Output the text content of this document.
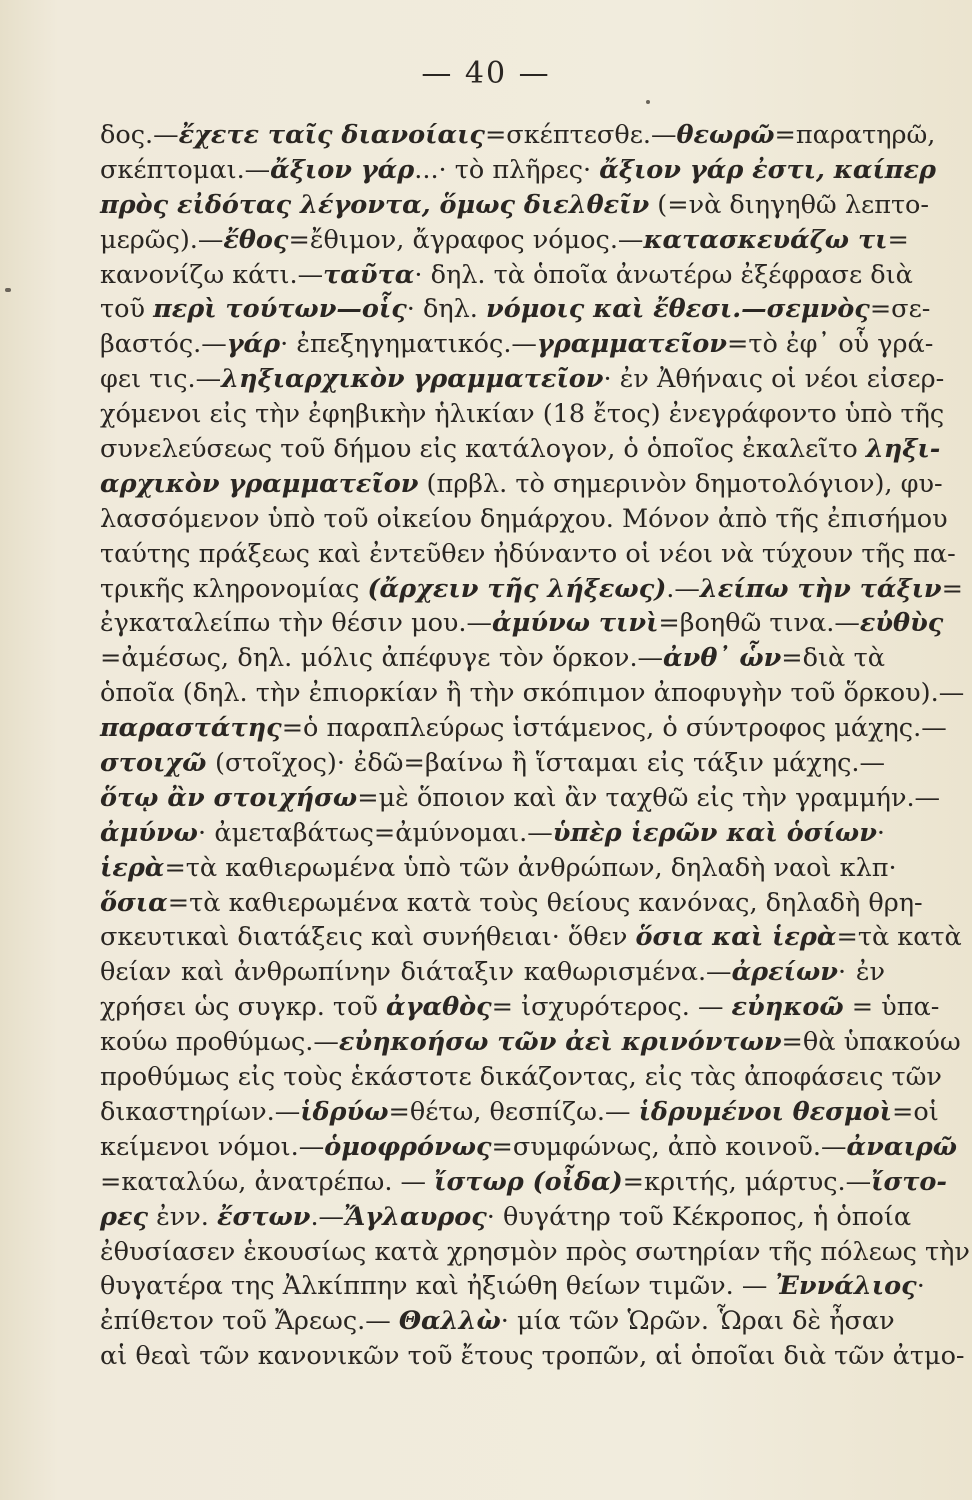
— 40 —
δος.—ἔχετε ταῖς διανοίαις=σκέπτεσθε.—θεωρῶ=παρατηρῶ,
σκέπτομαι.—ἄξιον γάρ...· τὸ πλῆρες· ἄξιον γάρ ἐστι, καίπερ
πρὸς εἰδότας λέγοντα, ὅμως διελθεῖν (=νὰ διηγηθῶ λεπτο-
μερῶς).—ἔθος=ἔθιμον, ἄγραφος νόμος.—κατασκευάζω τι=
κανονίζω κάτι.—ταῦτα· δηλ. τὰ ὁποῖα ἀνωτέρω ἐξέφρασε διὰ
τοῦ περὶ τούτων—οἷς· δηλ. νόμοις καὶ ἔθεσι.—σεμνὸς=σε-
βαστός.—γάρ· ἐπεξηγηματικός.—γραμματεῖον=τὸ ἐφ᾽ οὗ γρά-
φει τις.—ληξιαρχικὸν γραμματεῖον· ἐν Ἀθήναις οἱ νέοι εἰσερ-
χόμενοι εἰς τὴν ἐφηβικὴν ἡλικίαν (18 ἔτος) ἐνεγράφοντο ὑπὸ τῆς
συνελεύσεως τοῦ δήμου εἰς κατάλογον, ὁ ὁποῖος ἐκαλεῖτο ληξι-
αρχικὸν γραμματεῖον (πρβλ. τὸ σημερινὸν δημοτολόγιον), φυ-
λασσόμενον ὑπὸ τοῦ οἰκείου δημάρχου. Μόνον ἀπὸ τῆς ἐπισήμου
ταύτης πράξεως καὶ ἐντεῦθεν ἠδύναντο οἱ νέοι νὰ τύχουν τῆς πα-
τρικῆς κληρονομίας (ἄρχειν τῆς λήξεως).—λείπω τὴν τάξιν=
ἐγκαταλείπω τὴν θέσιν μου.—ἀμύνω τινὶ=βοηθῶ τινα.—εὐθὺς
=ἀμέσως, δηλ. μόλις ἀπέφυγε τὸν ὅρκον.—ἀνθ᾽ ὧν=διὰ τὰ
ὁποῖα (δηλ. τὴν ἐπιορκίαν ἢ τὴν σκόπιμον ἀποφυγὴν τοῦ ὅρκου).—
παραστάτης=ὁ παραπλεύρως ἱστάμενος, ὁ σύντροφος μάχης.—
στοιχῶ (στοῖχος)· ἐδῶ=βαίνω ἢ ἵσταμαι εἰς τάξιν μάχης.—
ὅτῳ ἂν στοιχήσω=μὲ ὅποιον καὶ ἂν ταχθῶ εἰς τὴν γραμμήν.—
ἀμύνω· ἀμεταβάτως=ἀμύνομαι.—ὑπὲρ ἱερῶν καὶ ὁσίων·
ἱερὰ=τὰ καθιερωμένα ὑπὸ τῶν ἀνθρώπων, δηλαδὴ ναοὶ κλπ·
ὅσια=τὰ καθιερωμένα κατὰ τοὺς θείους κανόνας, δηλαδὴ θρη-
σκευτικαὶ διατάξεις καὶ συνήθειαι· ὅθεν ὅσια καὶ ἱερὰ=τὰ κατὰ
θείαν καὶ ἀνθρωπίνην διάταξιν καθωρισμένα.—ἀρείων· ἐν
χρήσει ὡς συγκρ. τοῦ ἀγαθὸς= ἰσχυρότερος. — εὐηκοῶ = ὑπα-
κούω προθύμως.—εὐηκοήσω τῶν ἀεὶ κρινόντων=θὰ ὑπακούω
προθύμως εἰς τοὺς ἑκάστοτε δικάζοντας, εἰς τὰς ἀποφάσεις τῶν
δικαστηρίων.—ἱδρύω=θέτω, θεσπίζω.— ἱδρυμένοι θεσμοὶ=οἱ
κείμενοι νόμοι.—ὁμοφρόνως=συμφώνως, ἀπὸ κοινοῦ.—ἀναιρῶ
=καταλύω, ἀνατρέπω. — ἴστωρ (οἶδα)=κριτής, μάρτυς.—ἴστο-
ρες ἐνν. ἔστων.—Ἄγλαυρος· θυγάτηρ τοῦ Κέκροπος, ἡ ὁποία
ἐθυσίασεν ἑκουσίως κατὰ χρησμὸν πρὸς σωτηρίαν τῆς πόλεως τὴν
θυγατέρα της Ἀλκίππην καὶ ἠξιώθη θείων τιμῶν. — Ἐννάλιος·
ἐπίθετον τοῦ Ἄρεως.— Θαλλὼ· μία τῶν Ὡρῶν. Ὧραι δὲ ἦσαν
αἱ θεαὶ τῶν κανονικῶν τοῦ ἔτους τροπῶν, αἱ ὁποῖαι διὰ τῶν ἀτμο-
